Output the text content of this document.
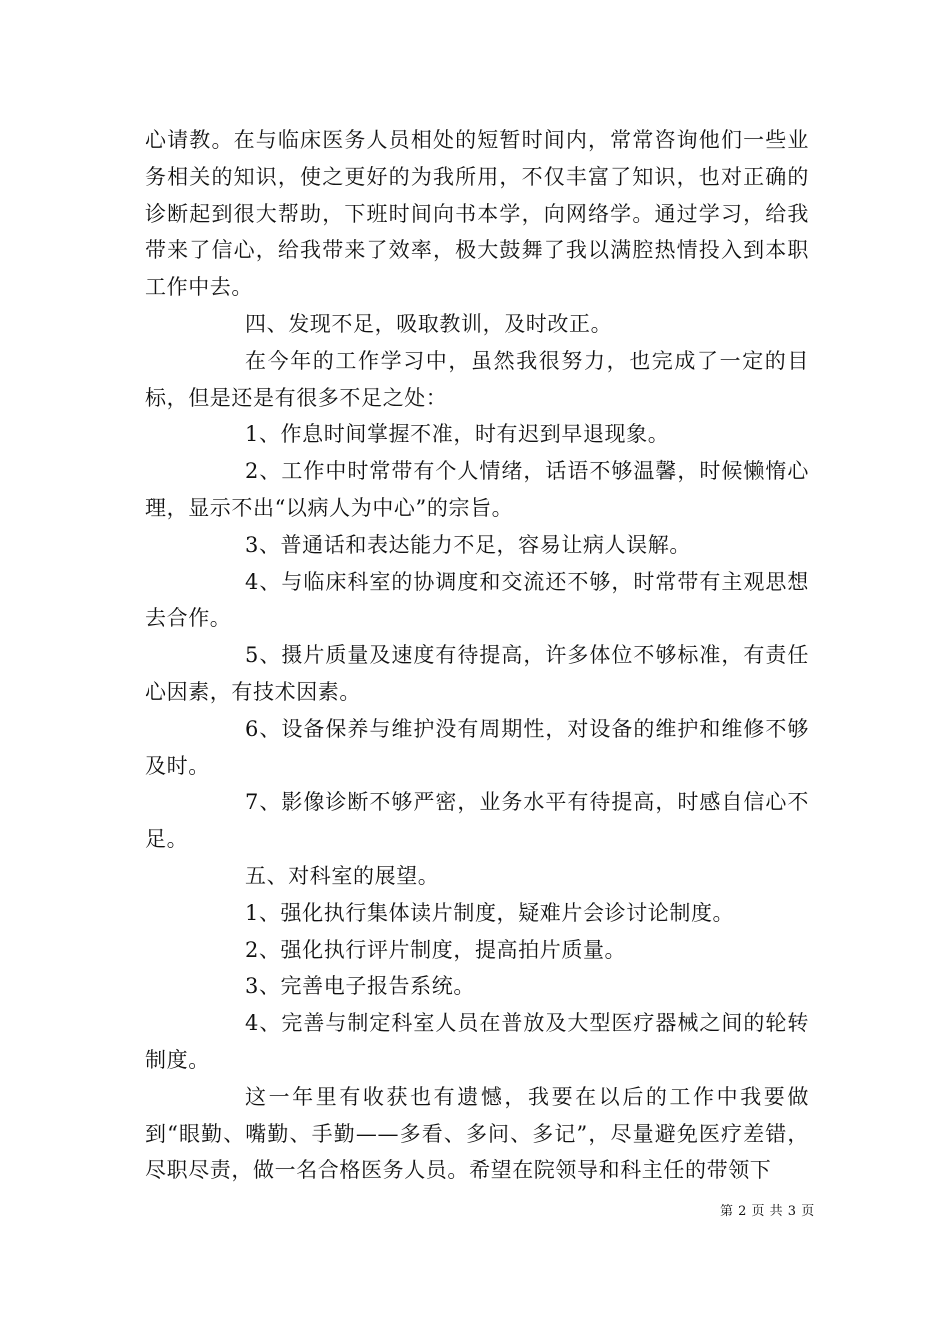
心请教。在与临床医务人员相处的短暂时间内，常常咨询他们一些业务相关的知识，使之更好的为我所用，不仅丰富了知识，也对正确的诊断起到很大帮助，下班时间向书本学，向网络学。通过学习，给我带来了信心，给我带来了效率，极大鼓舞了我以满腔热情投入到本职工作中去。

四、发现不足，吸取教训，及时改正。

在今年的工作学习中，虽然我很努力，也完成了一定的目标，但是还是有很多不足之处：

1、作息时间掌握不准，时有迟到早退现象。

2、工作中时常带有个人情绪，话语不够温馨，时候懒惰心理，显示不出“以病人为中心”的宗旨。

3、普通话和表达能力不足，容易让病人误解。

4、与临床科室的协调度和交流还不够，时常带有主观思想去合作。

5、摄片质量及速度有待提高，许多体位不够标准，有责任心因素，有技术因素。

6、设备保养与维护没有周期性，对设备的维护和维修不够及时。

7、影像诊断不够严密，业务水平有待提高，时感自信心不足。

五、对科室的展望。

1、强化执行集体读片制度，疑难片会诊讨论制度。

2、强化执行评片制度，提高拍片质量。

3、完善电子报告系统。

4、完善与制定科室人员在普放及大型医疗器械之间的轮转制度。

这一年里有收获也有遗憾，我要在以后的工作中我要做到“眼勤、嘴勤、手勤——多看、多问、多记”，尽量避免医疗差错，尽职尽责，做一名合格医务人员。希望在院领导和科主任的带领下

第 2 页 共 3 页
